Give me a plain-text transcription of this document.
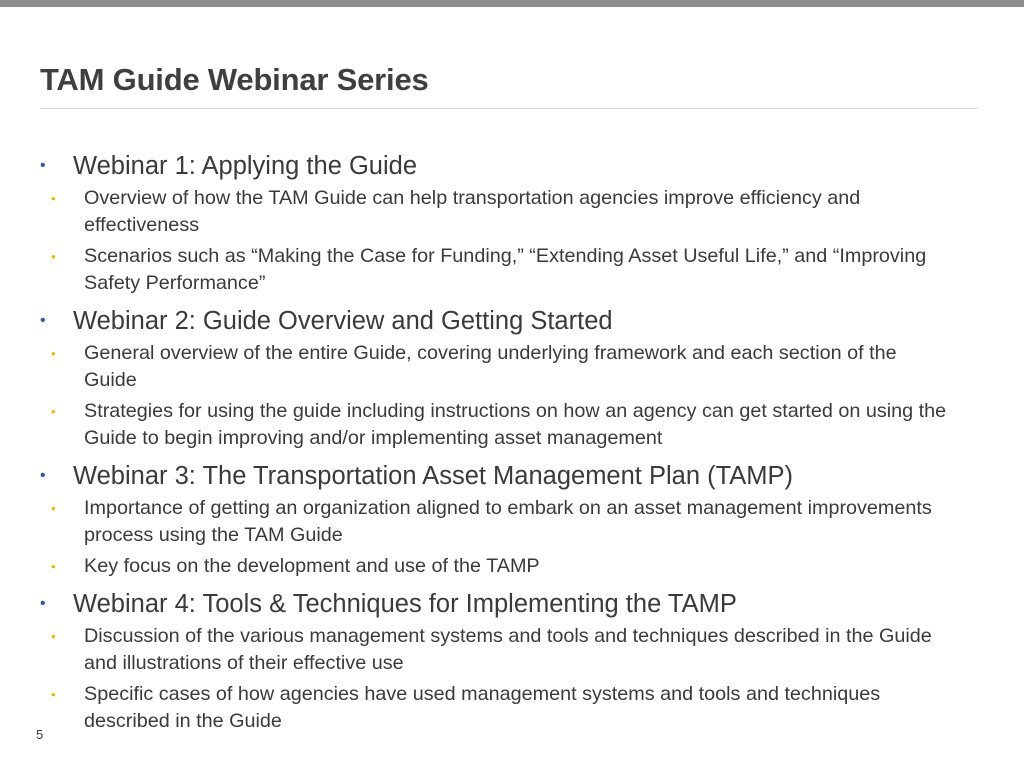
TAM Guide Webinar Series
•	Webinar 1: Applying the Guide
•	Overview of how the TAM Guide can help transportation agencies improve efficiency and effectiveness
•	Scenarios such as “Making the Case for Funding,” “Extending Asset Useful Life,” and “Improving Safety Performance”
•	Webinar 2: Guide Overview and Getting Started
•	General overview of the entire Guide, covering underlying framework and each section of the Guide
•	Strategies for using the guide including instructions on how an agency can get started on using the Guide to begin improving and/or implementing asset management
•	Webinar 3: The Transportation Asset Management Plan (TAMP)
•	Importance of getting an organization aligned to embark on an asset management improvements process using the TAM Guide
•	Key focus on the development and use of the TAMP
•	Webinar 4: Tools & Techniques for Implementing the TAMP
•	Discussion of the various management systems and tools and techniques described in the Guide and illustrations of their effective use
•	Specific cases of how agencies have used management systems and tools and techniques described in the Guide
5
